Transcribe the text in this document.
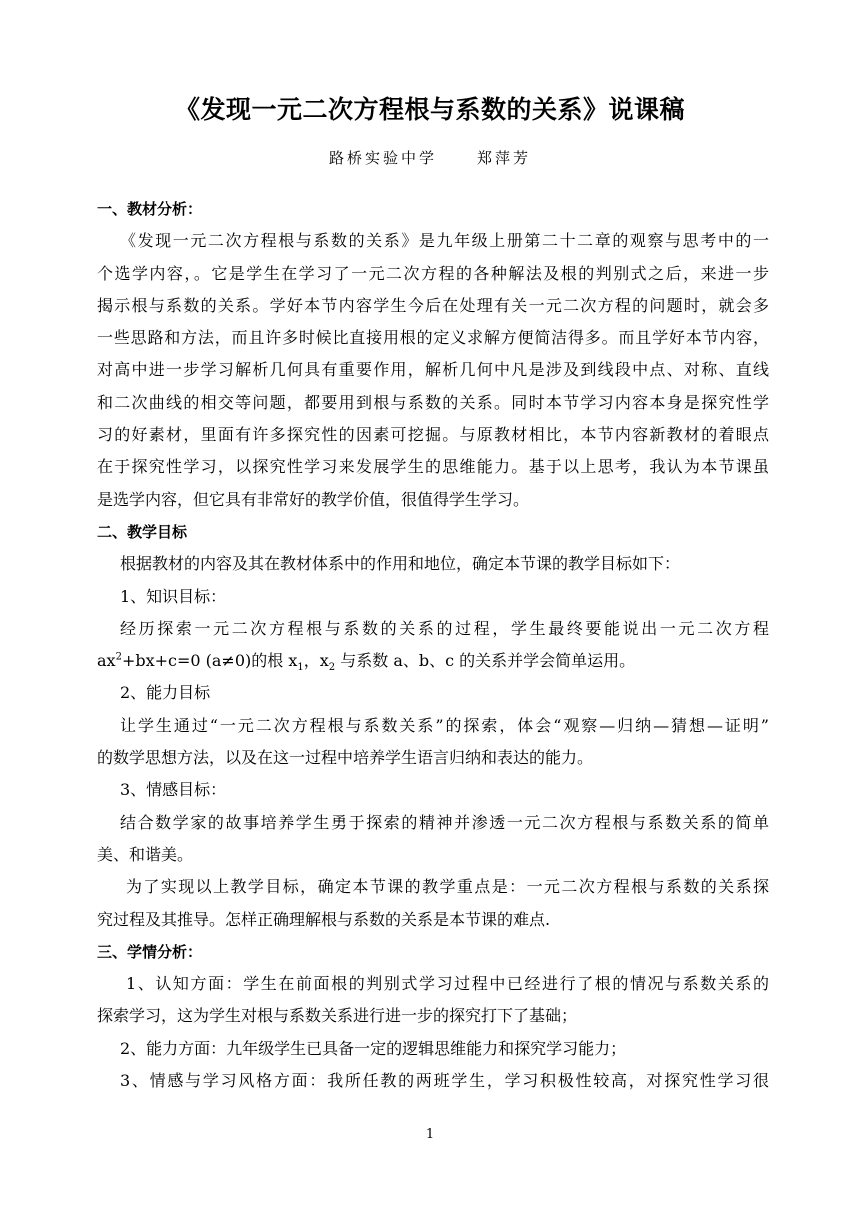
《发现一元二次方程根与系数的关系》说课稿
路桥实验中学	郑萍芳
一、教材分析：
《发现一元二次方程根与系数的关系》是九年级上册第二十二章的观察与思考中的一
个选学内容，。它是学生在学习了一元二次方程的各种解法及根的判别式之后，来进一步
揭示根与系数的关系。学好本节内容学生今后在处理有关一元二次方程的问题时，就会多
一些思路和方法，而且许多时候比直接用根的定义求解方便简洁得多。而且学好本节内容，
对高中进一步学习解析几何具有重要作用，解析几何中凡是涉及到线段中点、对称、直线
和二次曲线的相交等问题，都要用到根与系数的关系。同时本节学习内容本身是探究性学
习的好素材，里面有许多探究性的因素可挖掘。与原教材相比，本节内容新教材的着眼点
在于探究性学习，以探究性学习来发展学生的思维能力。基于以上思考，我认为本节课虽
是选学内容，但它具有非常好的教学价值，很值得学生学习。
二、教学目标
根据教材的内容及其在教材体系中的作用和地位，确定本节课的教学目标如下：
1、知识目标：
经历探索一元二次方程根与系数的关系的过程，学生最终要能说出一元二次方程
$ax^2+bx+c=0$ (a≠0)的根 $x_1$，$x_2$ 与系数 a、b、c 的关系并学会简单运用。
2、能力目标
让学生通过“一元二次方程根与系数关系”的探索，体会“观察—归纳—猜想—证明”
的数学思想方法，以及在这一过程中培养学生语言归纳和表达的能力。
3、情感目标：
结合数学家的故事培养学生勇于探索的精神并渗透一元二次方程根与系数关系的简单
美、和谐美。
为了实现以上教学目标，确定本节课的教学重点是：一元二次方程根与系数的关系探
究过程及其推导。怎样正确理解根与系数的关系是本节课的难点.
三、学情分析：
1、认知方面：学生在前面根的判别式学习过程中已经进行了根的情况与系数关系的
探索学习，这为学生对根与系数关系进行进一步的探究打下了基础；
2、能力方面：九年级学生已具备一定的逻辑思维能力和探究学习能力；
3、情感与学习风格方面：我所任教的两班学生，学习积极性较高，对探究性学习很
1
